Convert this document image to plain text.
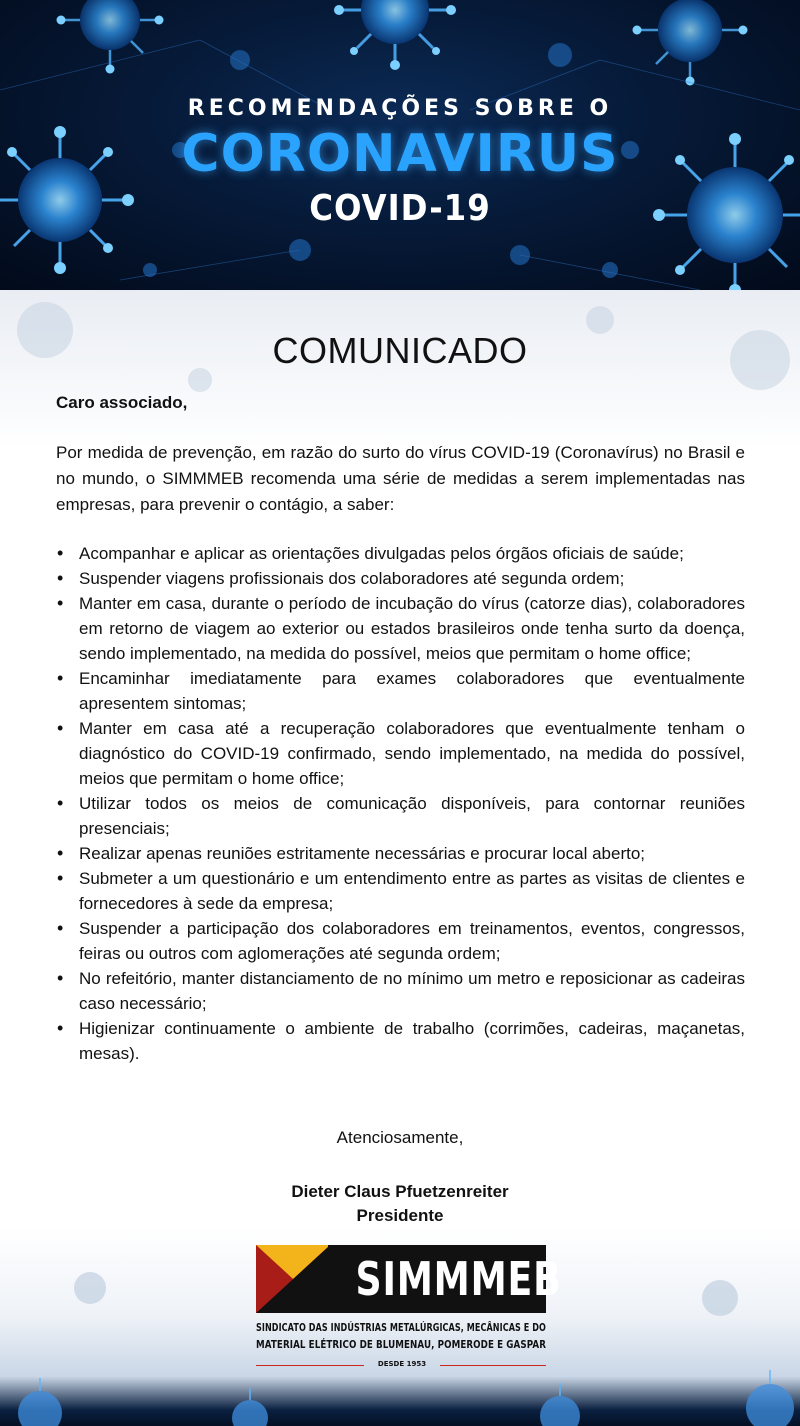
RECOMENDAÇÕES SOBRE O
CORONAVIRUS
COVID-19
COMUNICADO
Caro associado,
Por medida de prevenção, em razão do surto do vírus COVID-19 (Coronavírus) no Brasil e no mundo, o SIMMMEB recomenda uma série de medidas a serem implementadas nas empresas, para prevenir o contágio, a saber:
• Acompanhar e aplicar as orientações divulgadas pelos órgãos oficiais de saúde;
• Suspender viagens profissionais dos colaboradores até segunda ordem;
• Manter em casa, durante o período de incubação do vírus (catorze dias), colaboradores em retorno de viagem ao exterior ou estados brasileiros onde tenha surto da doença, sendo implementado, na medida do possível, meios que permitam o home office;
• Encaminhar imediatamente para exames colaboradores que eventualmente apresentem sintomas;
• Manter em casa até a recuperação colaboradores que eventualmente tenham o diagnóstico do COVID-19 confirmado, sendo implementado, na medida do possível, meios que permitam o home office;
• Utilizar todos os meios de comunicação disponíveis, para contornar reuniões presenciais;
• Realizar apenas reuniões estritamente necessárias e procurar local aberto;
• Submeter a um questionário e um entendimento entre as partes as visitas de clientes e fornecedores à sede da empresa;
• Suspender a participação dos colaboradores em treinamentos, eventos, congressos, feiras ou outros com aglomerações até segunda ordem;
• No refeitório, manter distanciamento de no mínimo um metro e reposicionar as cadeiras caso necessário;
• Higienizar continuamente o ambiente de trabalho (corrimões, cadeiras, maçanetas, mesas).
Atenciosamente,
Dieter Claus Pfuetzenreiter
Presidente
SIMMMEB
SINDICATO DAS INDÚSTRIAS METALÚRGICAS, MECÂNICAS E DO
MATERIAL ELÉTRICO DE BLUMENAU, POMERODE E GASPAR
DESDE 1953
